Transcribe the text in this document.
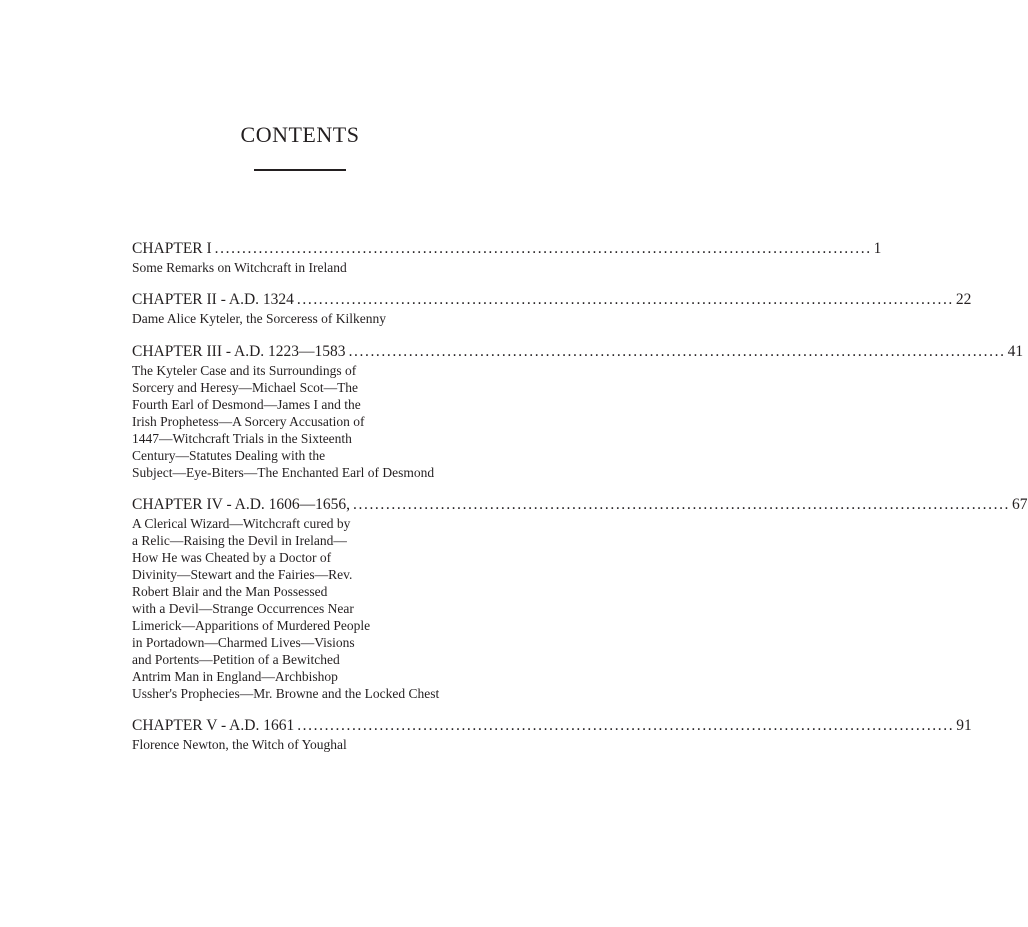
CONTENTS
CHAPTER I ........................................................................................................................ 1
Some Remarks on Witchcraft in Ireland
CHAPTER II - A.D. 1324 ........................................................................................................................ 22
Dame Alice Kyteler, the Sorceress of Kilkenny
CHAPTER III - A.D. 1223—1583 ........................................................................................................................ 41
The Kyteler Case and its Surroundings of
Sorcery and Heresy—Michael Scot—The
Fourth Earl of Desmond—James I and the
Irish Prophetess—A Sorcery Accusation of
1447—Witchcraft Trials in the Sixteenth
Century—Statutes Dealing with the
Subject—Eye-Biters—The Enchanted Earl of Desmond
CHAPTER IV - A.D. 1606—1656, ........................................................................................................................ 67
A Clerical Wizard—Witchcraft cured by
a Relic—Raising the Devil in Ireland—
How He was Cheated by a Doctor of
Divinity—Stewart and the Fairies—Rev.
Robert Blair and the Man Possessed
with a Devil—Strange Occurrences Near
Limerick—Apparitions of Murdered People
in Portadown—Charmed Lives—Visions
and Portents—Petition of a Bewitched
Antrim Man in England—Archbishop
Ussher's Prophecies—Mr. Browne and the Locked Chest
CHAPTER V - A.D. 1661 ........................................................................................................................ 91
Florence Newton, the Witch of Youghal
